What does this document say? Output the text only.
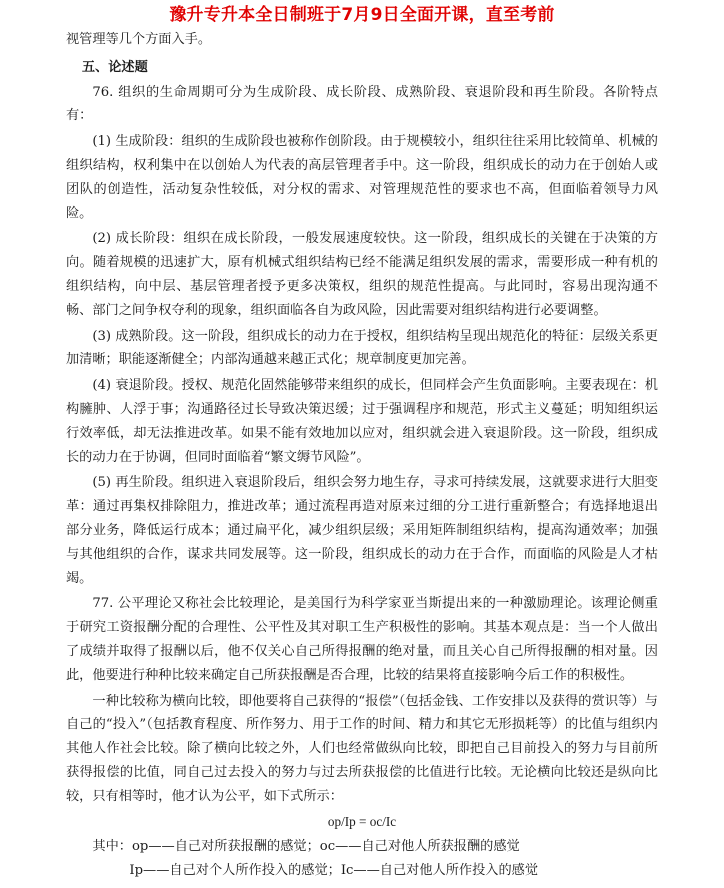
豫升专升本全日制班于7月9日全面开课，直至考前

视管理等几个方面入手。

五、论述题

76. 组织的生命周期可分为生成阶段、成长阶段、成熟阶段、衰退阶段和再生阶段。各阶特点有：

(1) 生成阶段：组织的生成阶段也被称作创阶段。由于规模较小，组织往往采用比较简单、机械的组织结构，权利集中在以创始人为代表的高层管理者手中。这一阶段，组织成长的动力在于创始人或团队的创造性，活动复杂性较低，对分权的需求、对管理规范性的要求也不高，但面临着领导力风险。

(2) 成长阶段：组织在成长阶段，一般发展速度较快。这一阶段，组织成长的关键在于决策的方向。随着规模的迅速扩大，原有机械式组织结构已经不能满足组织发展的需求，需要形成一种有机的组织结构，向中层、基层管理者授予更多决策权，组织的规范性提高。与此同时，容易出现沟通不畅、部门之间争权夺利的现象，组织面临各自为政风险，因此需要对组织结构进行必要调整。

(3) 成熟阶段。这一阶段，组织成长的动力在于授权，组织结构呈现出规范化的特征：层级关系更加清晰；职能逐渐健全；内部沟通越来越正式化；规章制度更加完善。

(4) 衰退阶段。授权、规范化固然能够带来组织的成长，但同样会产生负面影响。主要表现在：机构臃肿、人浮于事；沟通路径过长导致决策迟缓；过于强调程序和规范，形式主义蔓延；明知组织运行效率低，却无法推进改革。如果不能有效地加以应对，组织就会进入衰退阶段。这一阶段，组织成长的动力在于协调，但同时面临着“繁文缛节风险”。

(5) 再生阶段。组织进入衰退阶段后，组织会努力地生存，寻求可持续发展，这就要求进行大胆变革：通过再集权排除阻力，推进改革；通过流程再造对原来过细的分工进行重新整合；有选择地退出部分业务，降低运行成本；通过扁平化，减少组织层级；采用矩阵制组织结构，提高沟通效率；加强与其他组织的合作，谋求共同发展等。这一阶段，组织成长的动力在于合作，而面临的风险是人才枯竭。

77. 公平理论又称社会比较理论，是美国行为科学家亚当斯提出来的一种激励理论。该理论侧重于研究工资报酬分配的合理性、公平性及其对职工生产积极性的影响。其基本观点是：当一个人做出了成绩并取得了报酬以后，他不仅关心自己所得报酬的绝对量，而且关心自己所得报酬的相对量。因此，他要进行种种比较来确定自己所获报酬是否合理，比较的结果将直接影响今后工作的积极性。

一种比较称为横向比较，即他要将自己获得的“报偿”（包括金钱、工作安排以及获得的赏识等）与自己的“投入”（包括教育程度、所作努力、用于工作的时间、精力和其它无形损耗等）的比值与组织内其他人作社会比较。除了横向比较之外，人们也经常做纵向比较，即把自己目前投入的努力与目前所获得报偿的比值，同自己过去投入的努力与过去所获报偿的比值进行比较。无论横向比较还是纵向比较，只有相等时，他才认为公平，如下式所示：

op/Ip = oc/Ic

其中：op——自己对所获报酬的感觉；oc——自己对他人所获报酬的感觉

Ip——自己对个人所作投入的感觉；Ic——自己对他人所作投入的感觉
